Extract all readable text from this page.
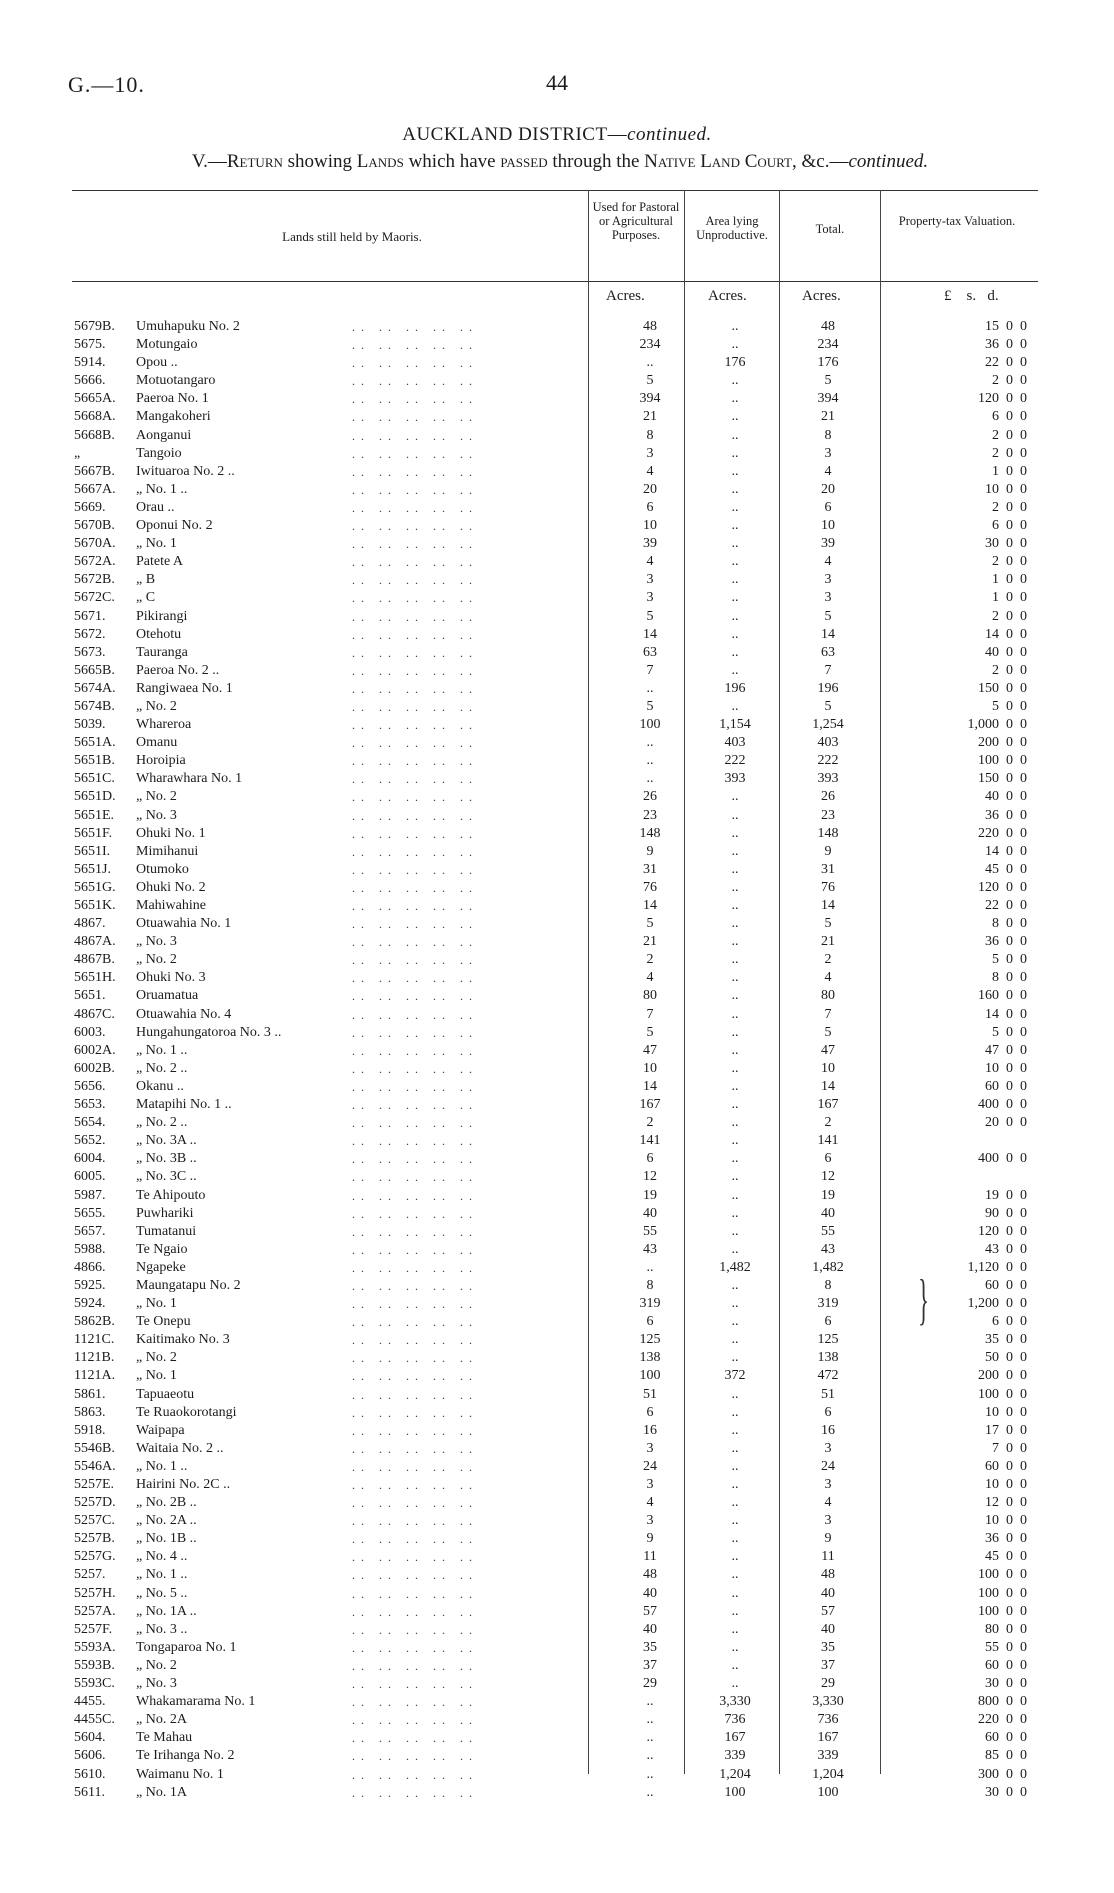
G.—10.	44
AUCKLAND DISTRICT—continued.
V.—Return showing Lands which have passed through the Native Land Court, &c.—continued.
Lands still held by Maoris.
Used for Pastoral or Agricultural Purposes.
Area lying Unproductive.	Total.
Property-tax Valuation.
Acres.	Acres.	Acres.	£    s.   d.
5679B.	Umuhapuku No. 2	.. .. .. .. ..	48	..	48	15  0  0
5675.	Motungaio	.. .. .. .. ..	234	..	234	36  0  0
5914.	Opou ..	.. .. .. .. ..	..	176	176	22  0  0
5666.	Motuotangaro	.. .. .. .. ..	5	..	5	2  0  0
5665A.	Paeroa No. 1	.. .. .. .. ..	394	..	394	120  0  0
5668A.	Mangakoheri	.. .. .. .. ..	21	..	21	6  0  0
5668B.	Aonganui	.. .. .. .. ..	8	..	8	2  0  0
„	Tangoio	.. .. .. .. ..	3	..	3	2  0  0
5667B.	Iwituaroa No. 2 ..	.. .. .. .. ..	4	..	4	1  0  0
5667A.	„ No. 1 ..	.. .. .. .. ..	20	..	20	10  0  0
5669.	Orau ..	.. .. .. .. ..	6	..	6	2  0  0
5670B.	Oponui No. 2	.. .. .. .. ..	10	..	10	6  0  0
5670A.	„ No. 1	.. .. .. .. ..	39	..	39	30  0  0
5672A.	Patete A	.. .. .. .. ..	4	..	4	2  0  0
5672B.	„ B	.. .. .. .. ..	3	..	3	1  0  0
5672C.	„ C	.. .. .. .. ..	3	..	3	1  0  0
5671.	Pikirangi	.. .. .. .. ..	5	..	5	2  0  0
5672.	Otehotu	.. .. .. .. ..	14	..	14	14  0  0
5673.	Tauranga	.. .. .. .. ..	63	..	63	40  0  0
5665B.	Paeroa No. 2 ..	.. .. .. .. ..	7	..	7	2  0  0
5674A.	Rangiwaea No. 1	.. .. .. .. ..	..	196	196	150  0  0
5674B.	„ No. 2	.. .. .. .. ..	5	..	5	5  0  0
5039.	Wharerоа	.. .. .. .. ..	100	1,154	1,254	1,000  0  0
5651A.	Omanu	.. .. .. .. ..	..	403	403	200  0  0
5651B.	Horoipia	.. .. .. .. ..	..	222	222	100  0  0
5651C.	Wharawhara No. 1	.. .. .. .. ..	..	393	393	150  0  0
5651D.	„ No. 2	.. .. .. .. ..	26	..	26	40  0  0
5651E.	„ No. 3	.. .. .. .. ..	23	..	23	36  0  0
5651F.	Ohuki No. 1	.. .. .. .. ..	148	..	148	220  0  0
5651I.	Mimihanui	.. .. .. .. ..	9	..	9	14  0  0
5651J.	Otumoko	.. .. .. .. ..	31	..	31	45  0  0
5651G.	Ohuki No. 2	.. .. .. .. ..	76	..	76	120  0  0
5651K.	Mahiwahine	.. .. .. .. ..	14	..	14	22  0  0
4867.	Otuawahia No. 1	.. .. .. .. ..	5	..	5	8  0  0
4867A.	„ No. 3	.. .. .. .. ..	21	..	21	36  0  0
4867B.	„ No. 2	.. .. .. .. ..	2	..	2	5  0  0
5651H.	Ohuki No. 3	.. .. .. .. ..	4	..	4	8  0  0
5651.	Oruamatua	.. .. .. .. ..	80	..	80	160  0  0
4867C.	Otuawahia No. 4	.. .. .. .. ..	7	..	7	14  0  0
6003.	Hungahungatoroa No. 3 ..	.. .. .. .. ..	5	..	5	5  0  0
6002A.	„ No. 1 ..	.. .. .. .. ..	47	..	47	47  0  0
6002B.	„ No. 2 ..	.. .. .. .. ..	10	..	10	10  0  0
5656.	Okanu ..	.. .. .. .. ..	14	..	14	60  0  0
5653.	Matapihi No. 1 ..	.. .. .. .. ..	167	..	167	400  0  0
5654.	„ No. 2 ..	.. .. .. .. ..	2	..	2	20  0  0
5652.	„ No. 3A ..	.. .. .. .. ..	141	..	141
6004.	„ No. 3B ..	.. .. .. .. ..	6	..	6	400  0  0
6005.	„ No. 3C ..	.. .. .. .. ..	12	..	12
5987.	Te Ahipouto	.. .. .. .. ..	19	..	19	19  0  0
5655.	Puwhariki	.. .. .. .. ..	40	..	40	90  0  0
5657.	Tumatanui	.. .. .. .. ..	55	..	55	120  0  0
5988.	Te Ngaio	.. .. .. .. ..	43	..	43	43  0  0
4866.	Ngapeke	.. .. .. .. ..	..	1,482	1,482	1,120  0  0
5925.	Maungatapu No. 2	.. .. .. .. ..	8	..	8	60  0  0
5924.	„ No. 1	.. .. .. .. ..	319	..	319	1,200  0  0
5862B.	Te Onepu	.. .. .. .. ..	6	..	6	6  0  0
1121C.	Kaitimako No. 3	.. .. .. .. ..	125	..	125	35  0  0
1121B.	„ No. 2	.. .. .. .. ..	138	..	138	50  0  0
1121A.	„ No. 1	.. .. .. .. ..	100	372	472	200  0  0
5861.	Tapuaeotu	.. .. .. .. ..	51	..	51	100  0  0
5863.	Te Ruaokorotangi	.. .. .. .. ..	6	..	6	10  0  0
5918.	Waipapa	.. .. .. .. ..	16	..	16	17  0  0
5546B.	Waitaia No. 2 ..	.. .. .. .. ..	3	..	3	7  0  0
5546A.	„ No. 1 ..	.. .. .. .. ..	24	..	24	60  0  0
5257E.	Hairini No. 2C ..	.. .. .. .. ..	3	..	3	10  0  0
5257D.	„ No. 2B ..	.. .. .. .. ..	4	..	4	12  0  0
5257C.	„ No. 2A ..	.. .. .. .. ..	3	..	3	10  0  0
5257B.	„ No. 1B ..	.. .. .. .. ..	9	..	9	36  0  0
5257G.	„ No. 4 ..	.. .. .. .. ..	11	..	11	45  0  0
5257.	„ No. 1 ..	.. .. .. .. ..	48	..	48	100  0  0
5257H.	„ No. 5 ..	.. .. .. .. ..	40	..	40	100  0  0
5257A.	„ No. 1A ..	.. .. .. .. ..	57	..	57	100  0  0
5257F.	„ No. 3 ..	.. .. .. .. ..	40	..	40	80  0  0
5593A.	Tongaparoa No. 1	.. .. .. .. ..	35	..	35	55  0  0
5593B.	„ No. 2	.. .. .. .. ..	37	..	37	60  0  0
5593C.	„ No. 3	.. .. .. .. ..	29	..	29	30  0  0
4455.	Whakamarama No. 1	.. .. .. .. ..	..	3,330	3,330	800  0  0
4455C.	„ No. 2A	.. .. .. .. ..	..	736	736	220  0  0
5604.	Te Mahau	.. .. .. .. ..	..	167	167	60  0  0
5606.	Te Irihanga No. 2	.. .. .. .. ..	..	339	339	85  0  0
5610.	Waimanu No. 1	.. .. .. .. ..	..	1,204	1,204	300  0  0
5611.	„ No. 1A	.. .. .. .. ..	..	100	100	30  0  0
}
